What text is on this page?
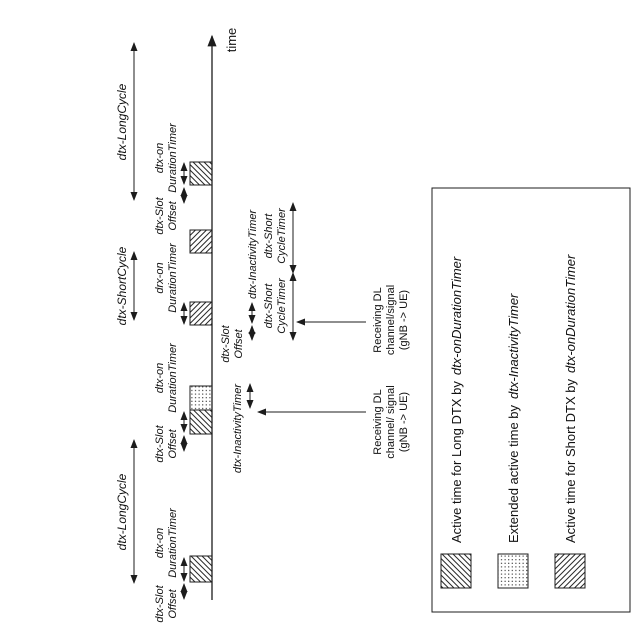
time
dtx-Slot Offset
dtx-on DurationTimer
dtx-Slot Offset
dtx-on DurationTimer
drx-on DurationTimer
dtx-Slot Offset
dtx-on DurationTimer
dtx-LongCycle
dtx-ShortCycle
dtx-LongCycle
dtx-InactivityTimer
dtx-Slot Offset
dtx-InactivityTimer
dtx-Short CycleTimer
dtx-Short CycleTimer
Receiving DL channel/ signal (gNB -> UE)
Receiving DL channel/signal (gNB -> UE)
Active time for Long DTX bydtx-onDurationTimer
Extended active time bydtx-InactivityTimer
Active time for Short DTX bydtx-onDurationTimer
